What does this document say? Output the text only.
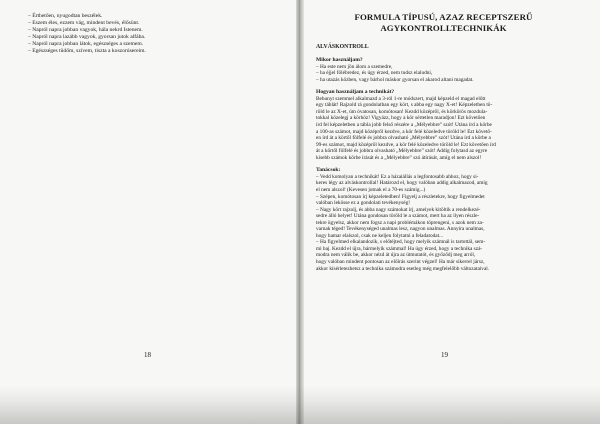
– Érthetően, nyugodtan beszélek.
– Eszem éles, ezzem vág, mindent bevés, élősünt.
– Napról napra jobban vagyok, hála nekrd Istenem.
– Napról napra lazább vagyok, gyorsan jutok alfába.
– Napról napra jobban látok, egészséges a szemem.
– Egészséges tüdőm, szívem, tiszta a koszorúsereim.

FORMULA TÍPUSÚ, AZAZ RECEPTSZERŰ

AGYKONTROLLTECHNIKÁK

ALVÁSKONTROLL

Mikor használjam?

– Ha este nem jön álom a szemedre,
– ha éjjel fölébredez, és úgy érzed, nem tudsz elaludni,
– ha utazás közben, vagy bárhol máskor gyorsan el akarod altani magadat.

Hogyan használjam a technikát?

Behunyt szemmel alkalmazd a 3-ról 1-re módszert, majd képzeld el magad előtt
egy táblát! Rajzold rá gondolatban egy kört, s abba egy nagy X-et! Képzeletben tö-
röld le az X-et, úm óvatosan, komótosan! Kezdd középről, és körkörös mozdula-
tokkal közelegj a körhöz! Vigyázz, hogy a kör sértetlen maradjon! Ezt követően
írd fel képzeletben a tábla jobb felső részére a „Mélyebbre” szót! Utána írd a körbe
a 100-as számot, majd középről kezdve, a kör felé közeledve töröld le! Ezt követő-
en írd át a körtől fölfelé és jobbra olvasható „Mélyebbre” szót! Utána írd a körbe a
99-es számot, majd középről kezdve, a kör felé közeledve töröld le! Ezt követően írd
át a körtől fölfelé és jobbra olvasható „Mélyebbre” szót! Addig folytasd az egyre
kisebb számok körbe írását és a „Mélyebbre” szó átírását, amíg el nem alszol!

Tanácsok:

– Vedd komolyan a technikát! Ez a házaiállás a legfontosabb ahhoz, hogy si-
keres légy az alváskontrollal! Határozd el, hogy valóban addig alkalmazod, amíg
el nem alszol! (Kevesen jutnak el a 70-es számig...)
– Szépen, komótosan írj képzeletedben! Figyelj a részletekre, hogy figyelmedet
valóban lekösse ez a gondolati tevékenység!
– Nagy kört rajzolj, és abba nagy számokat írj, amelyek kitöltik a rendelkezé-
sedre álló helyet! Utána gondosan töröld le a számot, mert ha az ilyen részle-
tekre ügyelsz, akkor nem fogsz a napi problémákon töprengeni, s azok nem za-
varnak téged! Tevékenységed unalmas lesz, nagyon unalmas. Annyira unalmas,
hogy hamar elalszol, csak ne keljen folytatni a feladatodat...
– Ha figyelmed elkalandozik, s előtéjted, hogy melyik számnál is tartottál, sem-
mi baj. Kezdd el újra, bármelyik számmal! Ha úgy érzed, hogy a technika szá-
modra nem válik be, akkor nézd át újra az útmutatót, és győződj meg arról,
hogy valóban mindent pontosan az előírás szerint végzel! Ha már sikerrel jársz,
akkor kísérletezhetsz a technika számodra esetleg még megfelelőbb változataival.
18	19
